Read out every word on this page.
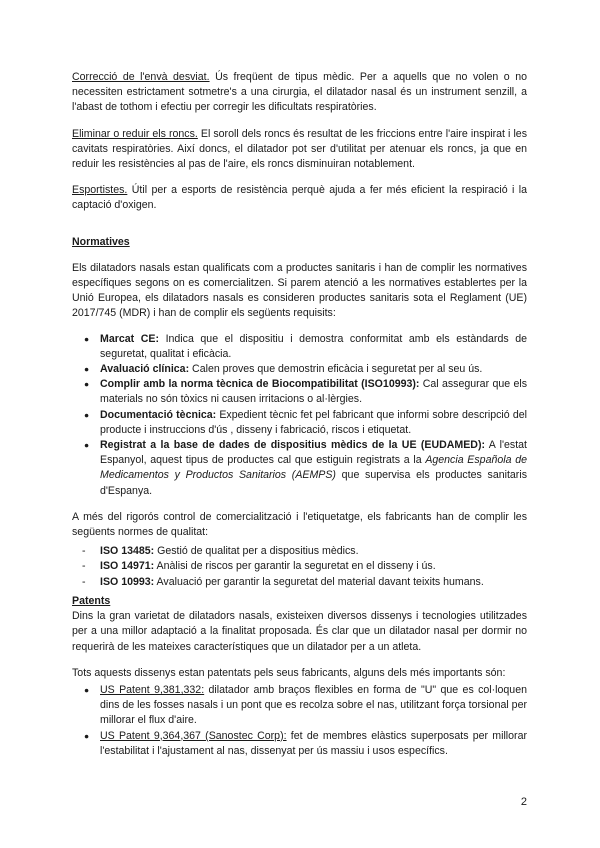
Correcció de l'envà desviat. Ús freqüent de tipus mèdic. Per a aquells que no volen o no necessiten estrictament sotmetre's a una cirurgia, el dilatador nasal és un instrument senzill, a l'abast de tothom i efectiu per corregir les dificultats respiratòries.

Eliminar o reduir els roncs. El soroll dels roncs és resultat de les friccions entre l'aire inspirat i les cavitats respiratòries. Així doncs, el dilatador pot ser d'utilitat per atenuar els roncs, ja que en reduir les resistències al pas de l'aire, els roncs disminuiran notablement.

Esportistes. Útil per a esports de resistència perquè ajuda a fer més eficient la respiració i la captació d'oxigen.

Normatives

Els dilatadors nasals estan qualificats com a productes sanitaris i han de complir les normatives específiques segons on es comercialitzen. Si parem atenció a les normatives establertes per la Unió Europea, els dilatadors nasals es consideren productes sanitaris sota el Reglament (UE) 2017/745 (MDR) i han de complir els següents requisits:

● Marcat CE: Indica que el dispositiu i demostra conformitat amb els estàndards de seguretat, qualitat i eficàcia.
● Avaluació clínica: Calen proves que demostrin eficàcia i seguretat per al seu ús.
● Complir amb la norma tècnica de Biocompatibilitat (ISO10993): Cal assegurar que els materials no són tòxics ni causen irritacions o al·lèrgies.
● Documentació tècnica: Expedient tècnic fet pel fabricant que informi sobre descripció del producte i instruccions d'ús , disseny i fabricació, riscos i etiquetat.
● Registrat a la base de dades de dispositius mèdics de la UE (EUDAMED): A l'estat Espanyol, aquest tipus de productes cal que estiguin registrats a la Agencia Española de Medicamentos y Productos Sanitarios (AEMPS) que supervisa els productes sanitaris d'Espanya.

A més del rigorós control de comercialització i l'etiquetatge, els fabricants han de complir les següents normes de qualitat:

- ISO 13485: Gestió de qualitat per a dispositius mèdics.
- ISO 14971: Anàlisi de riscos per garantir la seguretat en el disseny i ús.
- ISO 10993: Avaluació per garantir la seguretat del material davant teixits humans.

Patents

Dins la gran varietat de dilatadors nasals, existeixen diversos dissenys i tecnologies utilitzades per a una millor adaptació a la finalitat proposada. És clar que un dilatador nasal per dormir no requerirà de les mateixes característiques que un dilatador per a un atleta.

Tots aquests dissenys estan patentats pels seus fabricants, alguns dels més importants són:

● US Patent 9,381,332: dilatador amb braços flexibles en forma de "U" que es col·loquen dins de les fosses nasals i un pont que es recolza sobre el nas, utilitzant força torsional per millorar el flux d'aire.
● US Patent 9,364,367 (Sanostec Corp): fet de membres elàstics superposats per millorar l'estabilitat i l'ajustament al nas, dissenyat per ús massiu i usos específics.
2
